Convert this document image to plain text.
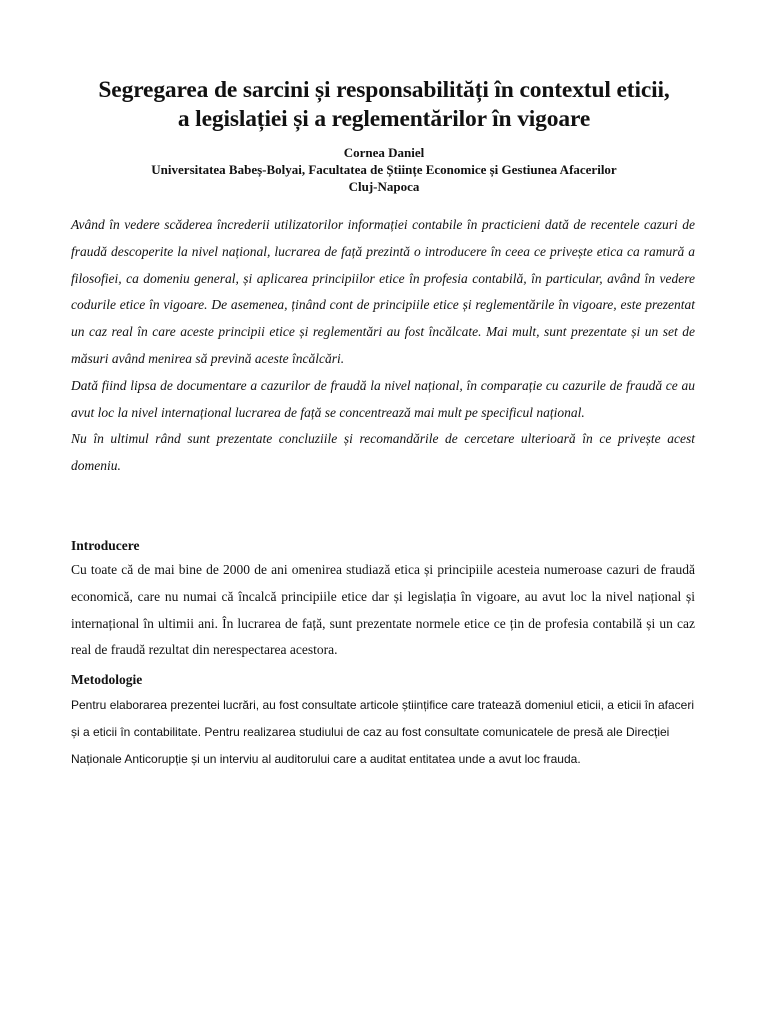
Segregarea de sarcini și responsabilități în contextul eticii,
a legislației și a reglementărilor în vigoare
Cornea Daniel
Universitatea Babeș-Bolyai, Facultatea de Științe Economice și Gestiunea Afacerilor
Cluj-Napoca

Având în vedere scăderea încrederii utilizatorilor informației contabile în practicieni dată de recentele cazuri de fraudă descoperite la nivel național, lucrarea de față prezintă o introducere în ceea ce privește etica ca ramură a filosofiei, ca domeniu general, și aplicarea principiilor etice în profesia contabilă, în particular, având în vedere codurile etice în vigoare. De asemenea, ținând cont de principiile etice și reglementările în vigoare, este prezentat un caz real în care aceste principii etice și reglementări au fost încălcate. Mai mult, sunt prezentate și un set de măsuri având menirea să prevină aceste încălcări.

Dată fiind lipsa de documentare a cazurilor de fraudă la nivel național, în comparație cu cazurile de fraudă ce au avut loc la nivel internațional lucrarea de față se concentrează mai mult pe specificul național.

Nu în ultimul rând sunt prezentate concluziile și recomandările de cercetare ulterioară în ce privește acest domeniu.

Introducere

Cu toate că de mai bine de 2000 de ani omenirea studiază etica și principiile acesteia numeroase cazuri de fraudă economică, care nu numai că încalcă principiile etice dar și legislația în vigoare, au avut loc la nivel național și internațional în ultimii ani. În lucrarea de față, sunt prezentate normele etice ce țin de profesia contabilă și un caz real de fraudă rezultat din nerespectarea acestora.

Metodologie

Pentru elaborarea prezentei lucrări, au fost consultate articole științifice care tratează domeniul eticii, a eticii în afaceri și a eticii în contabilitate. Pentru realizarea studiului de caz au fost consultate comunicatele de presă ale Direcției Naționale Anticorupție și un interviu al auditorului care a auditat entitatea unde a avut loc frauda.
